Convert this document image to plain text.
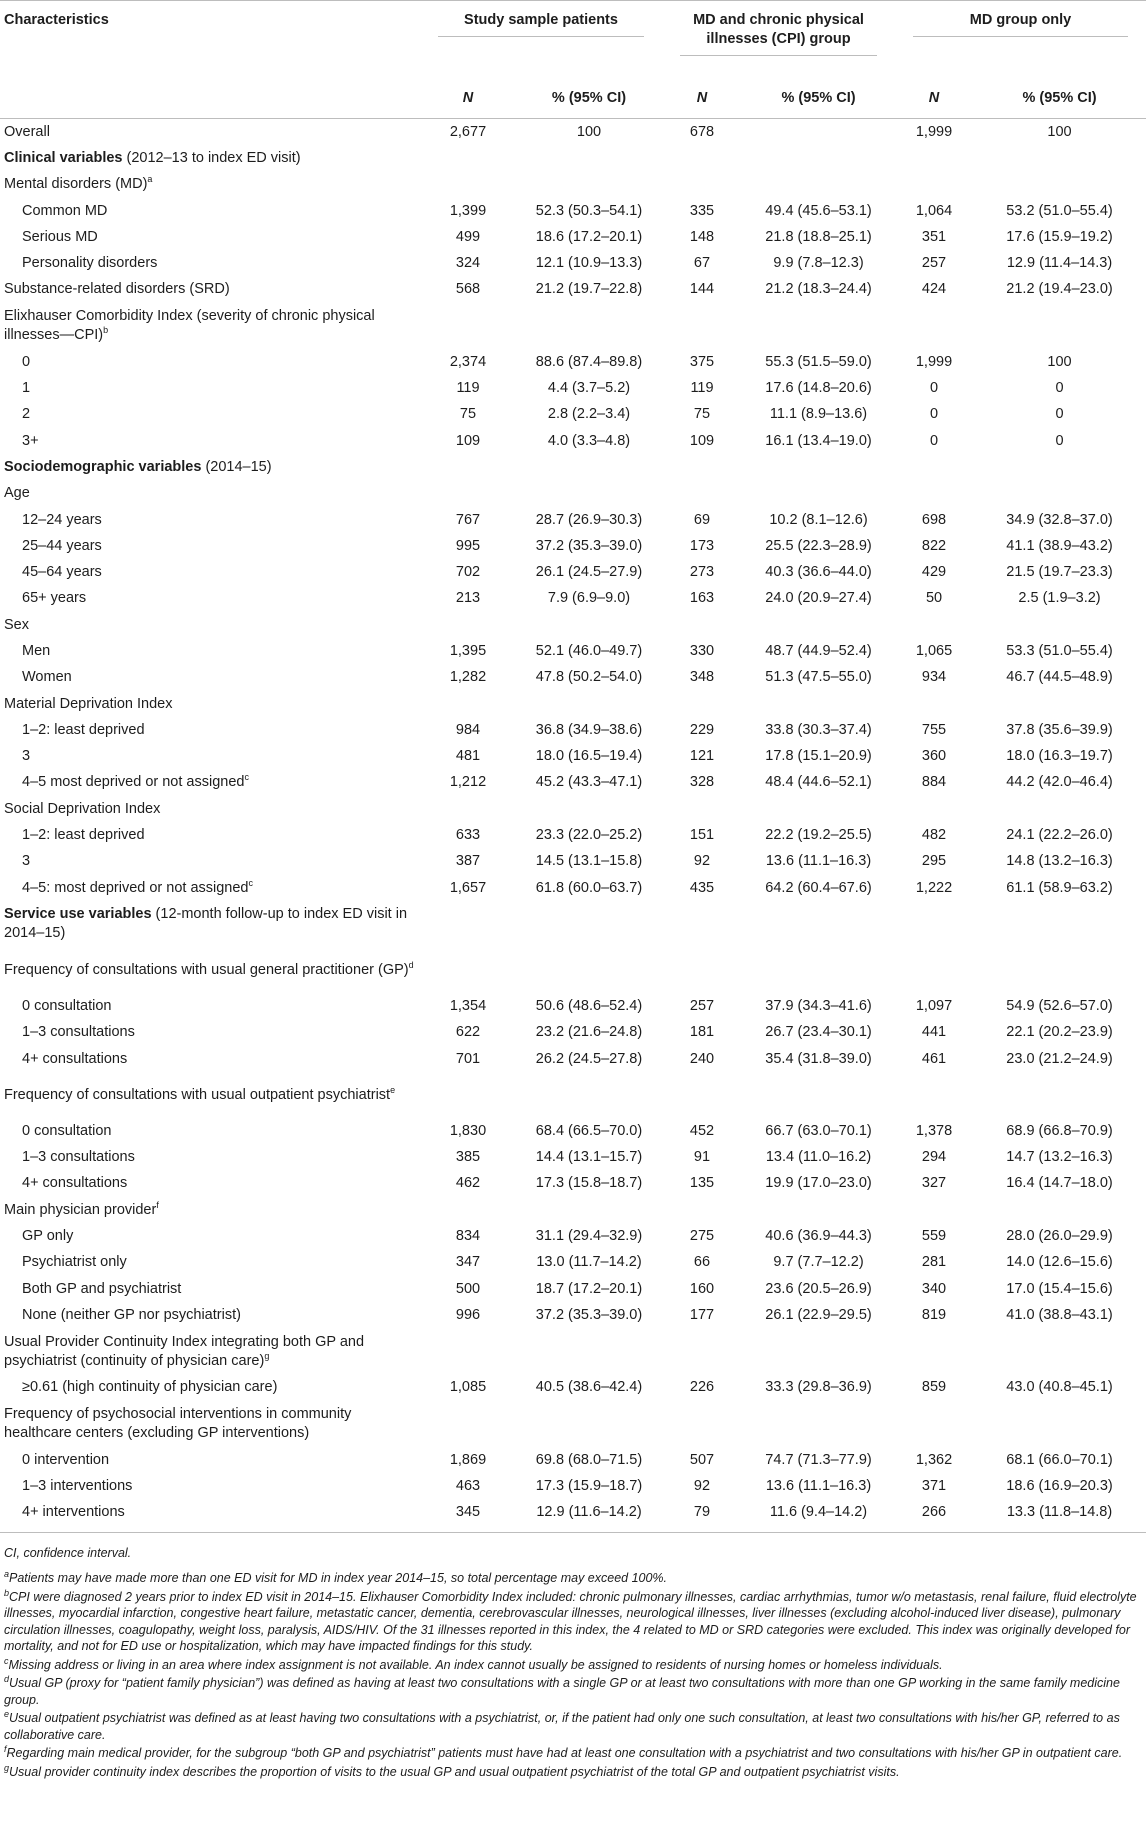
Characteristics	Study sample patients		MD and chronic physical illnesses (CPI) group		MD group only	

	N	% (95% CI)	N	% (95% CI)	N	% (95% CI)
Overall	2,677	100	678		1,999	100
Clinical variables (2012–13 to index ED visit)						
Mental disorders (MD)$^a$						
Common MD	1,399	52.3 (50.3–54.1)	335	49.4 (45.6–53.1)	1,064	53.2 (51.0–55.4)
Serious MD	499	18.6 (17.2–20.1)	148	21.8 (18.8–25.1)	351	17.6 (15.9–19.2)
Personality disorders	324	12.1 (10.9–13.3)	67	9.9 (7.8–12.3)	257	12.9 (11.4–14.3)
Substance-related disorders (SRD)	568	21.2 (19.7–22.8)	144	21.2 (18.3–24.4)	424	21.2 (19.4–23.0)
Elixhauser Comorbidity Index (severity of chronic physical illnesses—CPI)$^b$						
0	2,374	88.6 (87.4–89.8)	375	55.3 (51.5–59.0)	1,999	100
1	119	4.4 (3.7–5.2)	119	17.6 (14.8–20.6)	0	0
2	75	2.8 (2.2–3.4)	75	11.1 (8.9–13.6)	0	0
3+	109	4.0 (3.3–4.8)	109	16.1 (13.4–19.0)	0	0
Sociodemographic variables (2014–15)						
Age						
12–24 years	767	28.7 (26.9–30.3)	69	10.2 (8.1–12.6)	698	34.9 (32.8–37.0)
25–44 years	995	37.2 (35.3–39.0)	173	25.5 (22.3–28.9)	822	41.1 (38.9–43.2)
45–64 years	702	26.1 (24.5–27.9)	273	40.3 (36.6–44.0)	429	21.5 (19.7–23.3)
65+ years	213	7.9 (6.9–9.0)	163	24.0 (20.9–27.4)	50	2.5 (1.9–3.2)
Sex						
Men	1,395	52.1 (46.0–49.7)	330	48.7 (44.9–52.4)	1,065	53.3 (51.0–55.4)
Women	1,282	47.8 (50.2–54.0)	348	51.3 (47.5–55.0)	934	46.7 (44.5–48.9)
Material Deprivation Index						
1–2: least deprived	984	36.8 (34.9–38.6)	229	33.8 (30.3–37.4)	755	37.8 (35.6–39.9)
3	481	18.0 (16.5–19.4)	121	17.8 (15.1–20.9)	360	18.0 (16.3–19.7)
4–5 most deprived or not assigned$^c$	1,212	45.2 (43.3–47.1)	328	48.4 (44.6–52.1)	884	44.2 (42.0–46.4)
Social Deprivation Index						
1–2: least deprived	633	23.3 (22.0–25.2)	151	22.2 (19.2–25.5)	482	24.1 (22.2–26.0)
3	387	14.5 (13.1–15.8)	92	13.6 (11.1–16.3)	295	14.8 (13.2–16.3)
4–5: most deprived or not assigned$^c$	1,657	61.8 (60.0–63.7)	435	64.2 (60.4–67.6)	1,222	61.1 (58.9–63.2)
Service use variables (12-month follow-up to index ED visit in 2014–15)						
Frequency of consultations with usual general practitioner (GP)$^d$						
0 consultation	1,354	50.6 (48.6–52.4)	257	37.9 (34.3–41.6)	1,097	54.9 (52.6–57.0)
1–3 consultations	622	23.2 (21.6–24.8)	181	26.7 (23.4–30.1)	441	22.1 (20.2–23.9)
4+ consultations	701	26.2 (24.5–27.8)	240	35.4 (31.8–39.0)	461	23.0 (21.2–24.9)
Frequency of consultations with usual outpatient psychiatrist$^e$						
0 consultation	1,830	68.4 (66.5–70.0)	452	66.7 (63.0–70.1)	1,378	68.9 (66.8–70.9)
1–3 consultations	385	14.4 (13.1–15.7)	91	13.4 (11.0–16.2)	294	14.7 (13.2–16.3)
4+ consultations	462	17.3 (15.8–18.7)	135	19.9 (17.0–23.0)	327	16.4 (14.7–18.0)
Main physician provider$^f$						
GP only	834	31.1 (29.4–32.9)	275	40.6 (36.9–44.3)	559	28.0 (26.0–29.9)
Psychiatrist only	347	13.0 (11.7–14.2)	66	9.7 (7.7–12.2)	281	14.0 (12.6–15.6)
Both GP and psychiatrist	500	18.7 (17.2–20.1)	160	23.6 (20.5–26.9)	340	17.0 (15.4–15.6)
None (neither GP nor psychiatrist)	996	37.2 (35.3–39.0)	177	26.1 (22.9–29.5)	819	41.0 (38.8–43.1)
Usual Provider Continuity Index integrating both GP and psychiatrist (continuity of physician care)$^g$						
≥0.61 (high continuity of physician care)	1,085	40.5 (38.6–42.4)	226	33.3 (29.8–36.9)	859	43.0 (40.8–45.1)
Frequency of psychosocial interventions in community healthcare centers (excluding GP interventions)						
0 intervention	1,869	69.8 (68.0–71.5)	507	74.7 (71.3–77.9)	1,362	68.1 (66.0–70.1)
1–3 interventions	463	17.3 (15.9–18.7)	92	13.6 (11.1–16.3)	371	18.6 (16.9–20.3)
4+ interventions	345	12.9 (11.6–14.2)	79	11.6 (9.4–14.2)	266	13.3 (11.8–14.8)

CI, confidence interval.

$^a$Patients may have made more than one ED visit for MD in index year 2014–15, so total percentage may exceed 100%.

$^b$CPI were diagnosed 2 years prior to index ED visit in 2014–15. Elixhauser Comorbidity Index included: chronic pulmonary illnesses, cardiac arrhythmias, tumor w/o metastasis, renal failure, fluid electrolyte illnesses, myocardial infarction, congestive heart failure, metastatic cancer, dementia, cerebrovascular illnesses, neurological illnesses, liver illnesses (excluding alcohol-induced liver disease), pulmonary circulation illnesses, coagulopathy, weight loss, paralysis, AIDS/HIV. Of the 31 illnesses reported in this index, the 4 related to MD or SRD categories were excluded. This index was originally developed for mortality, and not for ED use or hospitalization, which may have impacted findings for this study.

$^c$Missing address or living in an area where index assignment is not available. An index cannot usually be assigned to residents of nursing homes or homeless individuals.

$^d$Usual GP (proxy for “patient family physician”) was defined as having at least two consultations with a single GP or at least two consultations with more than one GP working in the same family medicine group.

$^e$Usual outpatient psychiatrist was defined as at least having two consultations with a psychiatrist, or, if the patient had only one such consultation, at least two consultations with his/her GP, referred to as collaborative care.

$^f$Regarding main medical provider, for the subgroup “both GP and psychiatrist” patients must have had at least one consultation with a psychiatrist and two consultations with his/her GP in outpatient care.

$^g$Usual provider continuity index describes the proportion of visits to the usual GP and usual outpatient psychiatrist of the total GP and outpatient psychiatrist visits.
